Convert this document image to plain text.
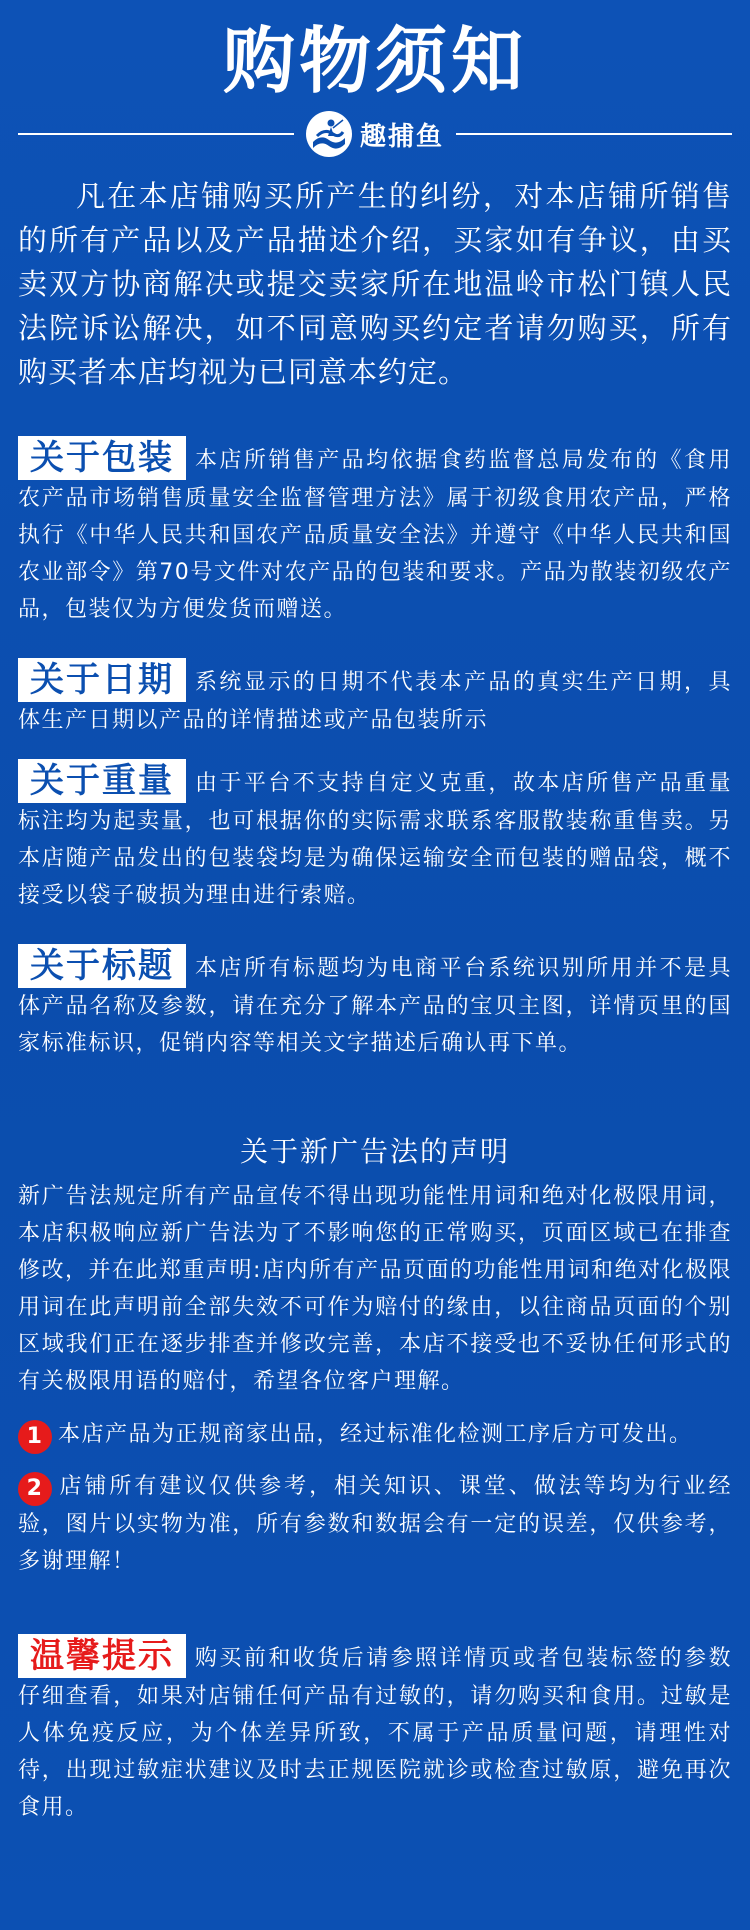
购物须知
趣捕鱼

凡在本店铺购买所产生的纠纷，对本店铺所销售的所有产品以及产品描述介绍，买家如有争议，由买卖双方协商解决或提交卖家所在地温岭市松门镇人民法院诉讼解决，如不同意购买约定者请勿购买，所有购买者本店均视为已同意本约定。

关于包装 本店所销售产品均依据食药监督总局发布的《食用农产品市场销售质量安全监督管理方法》属于初级食用农产品，严格执行《中华人民共和国农产品质量安全法》并遵守《中华人民共和国农业部令》第70号文件对农产品的包装和要求。产品为散装初级农产品，包装仅为方便发货而赠送。
关于日期 系统显示的日期不代表本产品的真实生产日期，具体生产日期以产品的详情描述或产品包装所示
关于重量 由于平台不支持自定义克重，故本店所售产品重量标注均为起卖量，也可根据你的实际需求联系客服散装称重售卖。另本店随产品发出的包装袋均是为确保运输安全而包装的赠品袋，概不接受以袋子破损为理由进行索赔。
关于标题 本店所有标题均为电商平台系统识别所用并不是具体产品名称及参数，请在充分了解本产品的宝贝主图，详情页里的国家标准标识，促销内容等相关文字描述后确认再下单。
关于新广告法的声明
新广告法规定所有产品宣传不得出现功能性用词和绝对化极限用词，本店积极响应新广告法为了不影响您的正常购买，页面区域已在排查修改，并在此郑重声明:店内所有产品页面的功能性用词和绝对化极限用词在此声明前全部失效不可作为赔付的缘由，以往商品页面的个别区域我们正在逐步排查并修改完善，本店不接受也不妥协任何形式的有关极限用语的赔付，希望各位客户理解。
1 本店产品为正规商家出品，经过标准化检测工序后方可发出。
2 店铺所有建议仅供参考，相关知识、课堂、做法等均为行业经验，图片以实物为准，所有参数和数据会有一定的误差，仅供参考，多谢理解！
温馨提示 购买前和收货后请参照详情页或者包装标签的参数仔细查看，如果对店铺任何产品有过敏的，请勿购买和食用。过敏是人体免疫反应，为个体差异所致，不属于产品质量问题，请理性对待，出现过敏症状建议及时去正规医院就诊或检查过敏原，避免再次食用。
